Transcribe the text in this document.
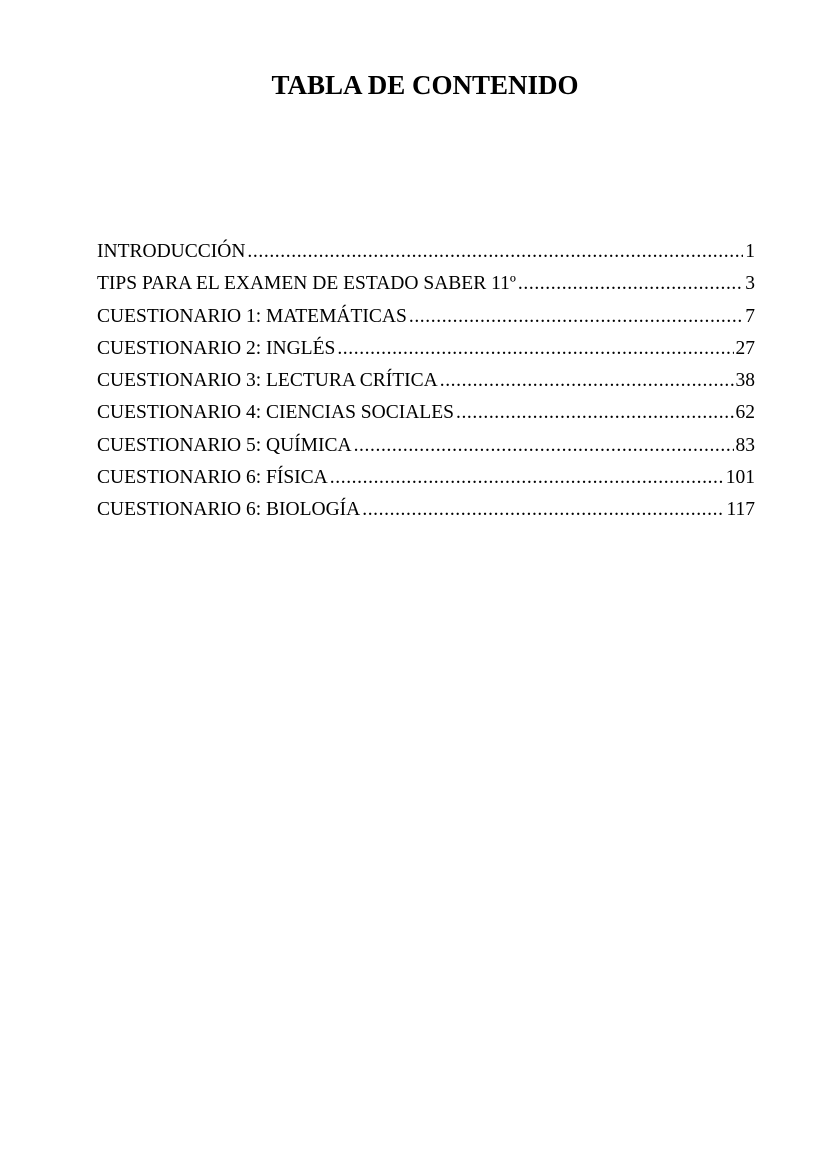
TABLA DE CONTENIDO
INTRODUCCIÓN .....	1
TIPS PARA EL EXAMEN DE ESTADO SABER 11º .....	3
CUESTIONARIO 1: MATEMÁTICAS .....	7
CUESTIONARIO 2: INGLÉS .....	27
CUESTIONARIO 3: LECTURA CRÍTICA .....	38
CUESTIONARIO 4: CIENCIAS SOCIALES .....	62
CUESTIONARIO 5: QUÍMICA .....	83
CUESTIONARIO 6: FÍSICA .....	101
CUESTIONARIO 6: BIOLOGÍA .....	117
